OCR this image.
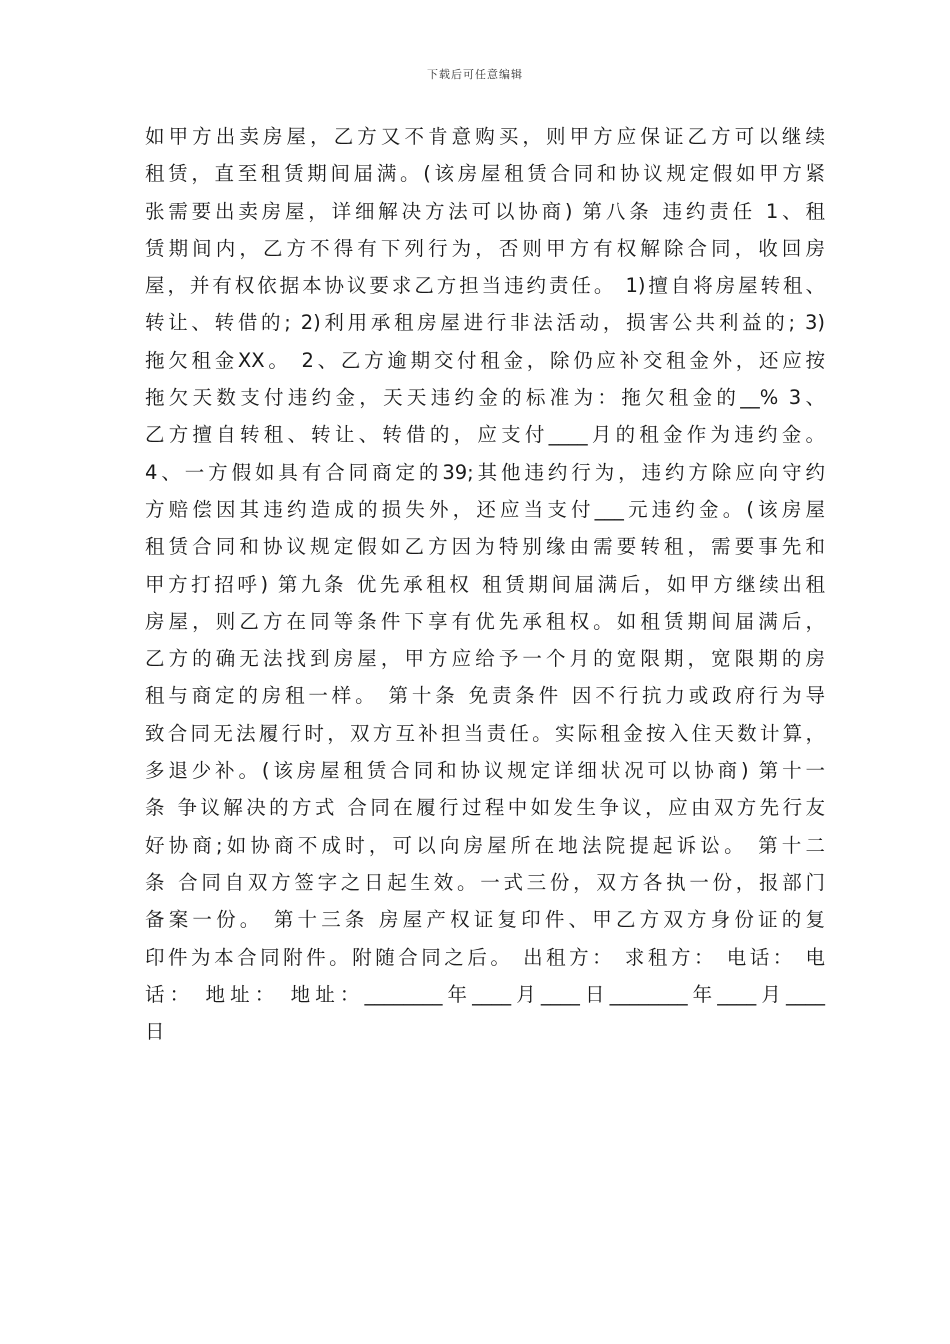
下载后可任意编辑
如甲方出卖房屋，乙方又不肯意购买，则甲方应保证乙方可以继续
租赁，直至租赁期间届满。(该房屋租赁合同和协议规定假如甲方紧
张需要出卖房屋，详细解决方法可以协商) 第八条 违约责任 1、租
赁期间内，乙方不得有下列行为，否则甲方有权解除合同，收回房
屋，并有权依据本协议要求乙方担当违约责任。 1)擅自将房屋转租、
转让、转借的; 2)利用承租房屋进行非法活动，损害公共利益的; 3)
拖欠租金XX。 2、乙方逾期交付租金，除仍应补交租金外，还应按
拖欠天数支付违约金，天天违约金的标准为：拖欠租金的__% 3、
乙方擅自转租、转让、转借的，应支付____月的租金作为违约金。
4、一方假如具有合同商定的39;其他违约行为，违约方除应向守约
方赔偿因其违约造成的损失外，还应当支付___元违约金。(该房屋
租赁合同和协议规定假如乙方因为特别缘由需要转租，需要事先和
甲方打招呼) 第九条 优先承租权 租赁期间届满后，如甲方继续出租
房屋，则乙方在同等条件下享有优先承租权。如租赁期间届满后，
乙方的确无法找到房屋，甲方应给予一个月的宽限期，宽限期的房
租与商定的房租一样。 第十条 免责条件 因不行抗力或政府行为导
致合同无法履行时，双方互补担当责任。实际租金按入住天数计算，
多退少补。(该房屋租赁合同和协议规定详细状况可以协商) 第十一
条 争议解决的方式 合同在履行过程中如发生争议，应由双方先行友
好协商;如协商不成时，可以向房屋所在地法院提起诉讼。 第十二
条 合同自双方签字之日起生效。一式三份，双方各执一份，报部门
备案一份。 第十三条 房屋产权证复印件、甲乙方双方身份证的复
印件为本合同附件。附随合同之后。 出租方： 求租方： 电话： 电
话： 地址： 地址：________年____月____日________年____月____
日
